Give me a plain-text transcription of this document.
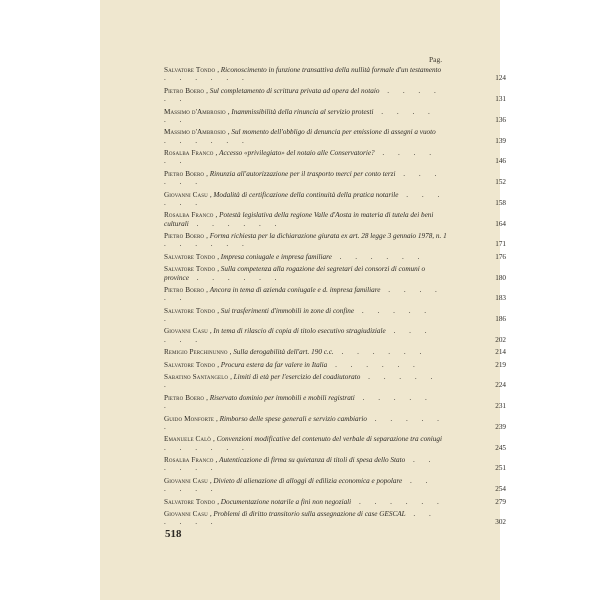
Pag.
Salvatore Tondo , Riconoscimento in funzione transattiva della nullità formale d'un testamento . . . . . .	124
Pietro Boero , Sul completamento di scrittura privata ad opera del notaio . . . . . .	131
Massimo d'Ambrosio , Inammissibilità della rinuncia al servizio protesti . . . . . .	136
Massimo d'Ambrosio , Sul momento dell'obbligo di denuncia per emissione di assegni a vuoto . . . . . .	139
Rosalba Franco , Accesso «privilegiato» del notaio alle Conservatorie? . . . . . .	146
Pietro Boero , Rinunzia all'autorizzazione per il trasporto merci per conto terzi . . . . . .	152
Giovanni Casu , Modalità di certificazione della continuità della pratica notarile . . . . . .	158
Rosalba Franco , Potestà legislativa della regione Valle d'Aosta in materia di tutela dei beni culturali . . . . . .	164
Pietro Boero , Forma richiesta per la dichiarazione giurata ex art. 28 legge 3 gennaio 1978, n. 1 . . . . . .	171
Salvatore Tondo , Impresa coniugale e impresa familiare . . . . . .	176
Salvatore Tondo , Sulla competenza alla rogazione dei segretari dei consorzi di comuni o province . . . . . .	180
Pietro Boero , Ancora in tema di azienda coniugale e d. impresa familiare . . . . . .	183
Salvatore Tondo , Sui trasferimenti d'immobili in zone di confine . . . . . .	186
Giovanni Casu , In tema di rilascio di copia di titolo esecutivo stragiudiziale . . . . . .	202
Remigio Perchinunno , Sulla derogabilità dell'art. 190 c.c. . . . . . .	214
Salvatore Tondo , Procura estera da far valere in Italia . . . . . .	219
Sabatino Santangelo , Limiti di età per l'esercizio del coadiutorato . . . . . .	224
Pietro Boero , Riservato dominio per immobili e mobili registrati . . . . . .	231
Guido Monforte , Rimborso delle spese generali e servizio cambiario . . . . . .	239
Emanuele Calò , Convenzioni modificative del contenuto del verbale di separazione tra coniugi . . . . . .	245
Rosalba Franco , Autenticazione di firma su quietanza di titoli di spesa dello Stato . . . . . .	251
Giovanni Casu , Divieto di alienazione di alloggi di edilizia economica e popolare . . . . . .	254
Salvatore Tondo , Documentazione notarile a fini non negoziali . . . . . .	279
Giovanni Casu , Problemi di diritto transitorio sulla assegnazione di case GESCAL . . . . . .	302
518
